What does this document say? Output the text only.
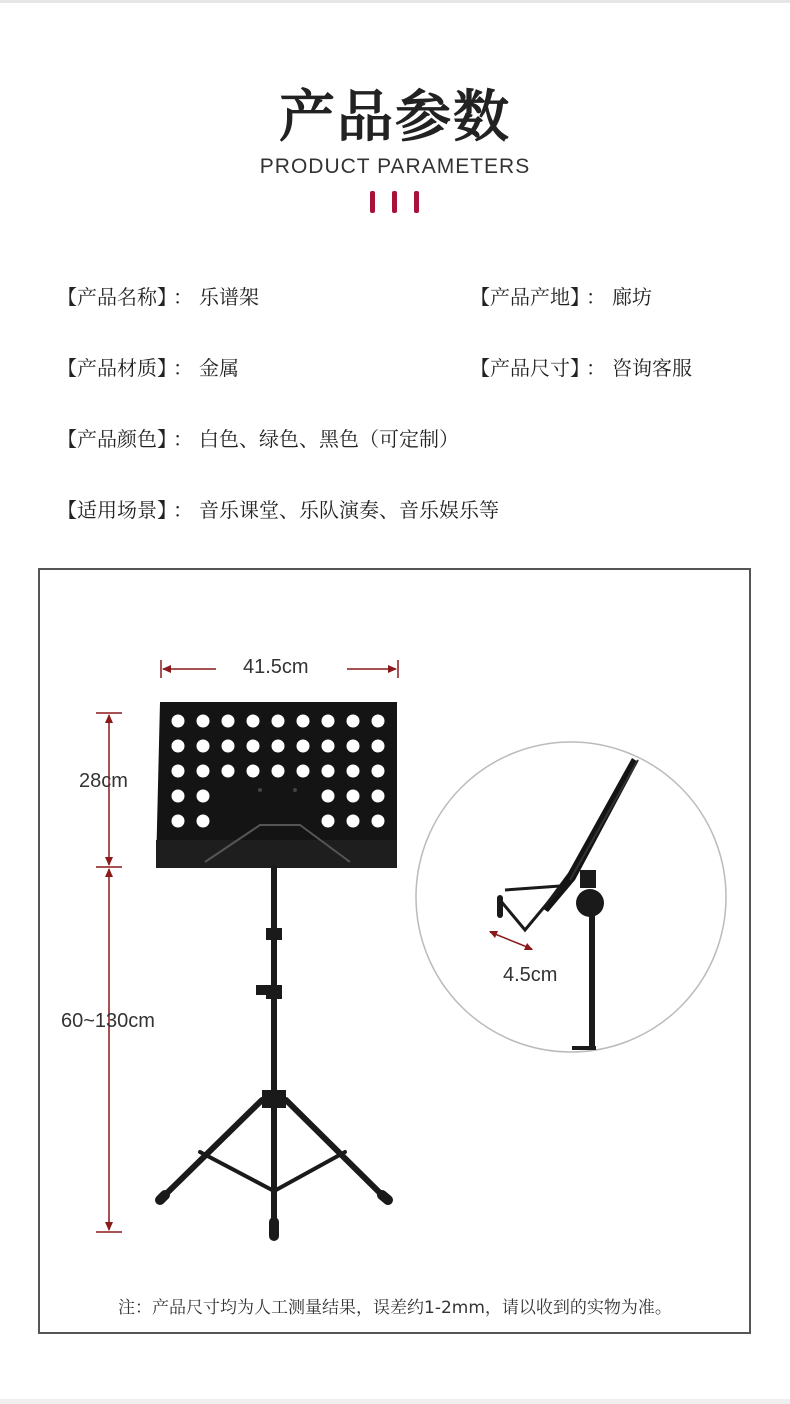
产品参数
PRODUCT PARAMETERS
【 产品名称 】 ： 乐谱架	【 产品产地 】 ： 廊坊
【 产品材质 】 ： 金属	【 产品尺寸 】 ： 咨询客服
【 产品颜色 】 ： 白色、绿色、黑色（可定制）
【 适用场景 】 ： 音乐课堂、乐队演奏、音乐娱乐等
41.5cm
28cm
60~130cm
4.5cm
注：产品尺寸均为人工测量结果，误差约1-2mm，请以收到的实物为准。
